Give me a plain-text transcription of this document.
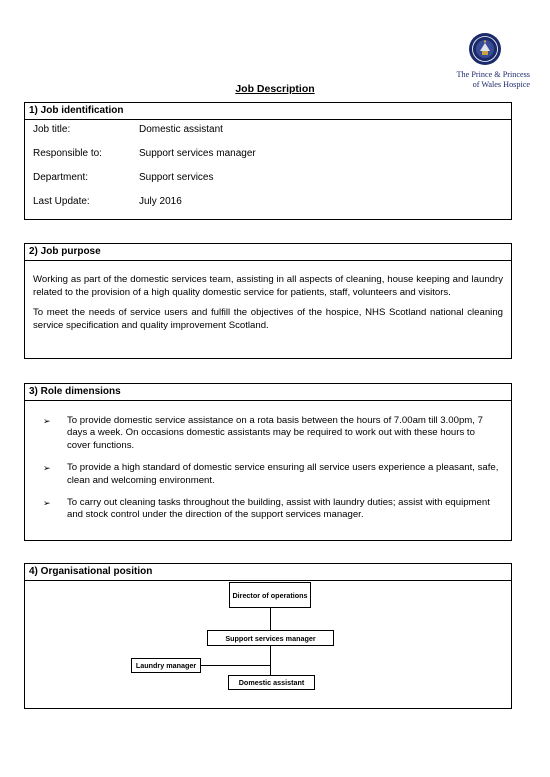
The Prince & Princess
of Wales Hospice
Job Description
1) Job identification
Job title:	Domestic assistant
Responsible to:	Support services manager
Department:	Support services
Last Update:	July 2016
2) Job purpose

Working as part of the domestic services team, assisting in all aspects of cleaning, house keeping and laundry related to the provision of a high quality domestic service for patients, staff, volunteers and visitors.

To meet the needs of service users and fulfill the objectives of the hospice, NHS Scotland national cleaning service specification and quality improvement Scotland.

3) Role dimensions
➢ To provide domestic service assistance on a rota basis between the hours of 7.00am till 3.00pm, 7 days a week. On occasions domestic assistants may be required to work out with these hours to cover functions.
➢ To provide a high standard of domestic service ensuring all service users experience a pleasant, safe, clean and welcoming environment.
➢ To carry out cleaning tasks throughout the building, assist with laundry duties; assist with equipment and stock control under the direction of the support services manager.
4) Organisational position
Director of operations
Support services manager
Laundry manager
Domestic assistant
